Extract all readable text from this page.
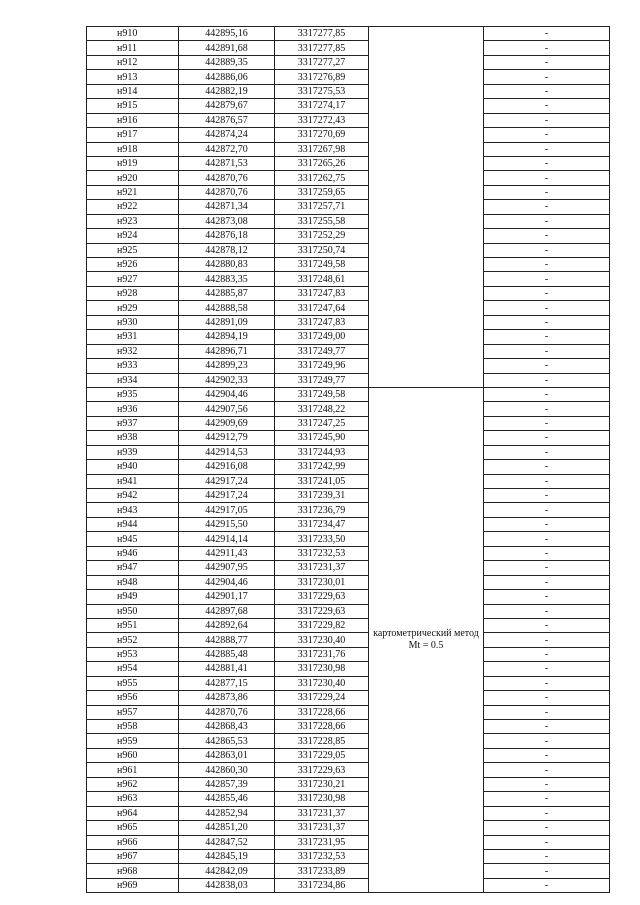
н910	442895,16	3317277,85		-
н911	442891,68	3317277,85		-
н912	442889,35	3317277,27		-
н913	442886,06	3317276,89		-
н914	442882,19	3317275,53		-
н915	442879,67	3317274,17		-
н916	442876,57	3317272,43		-
н917	442874,24	3317270,69		-
н918	442872,70	3317267,98		-
н919	442871,53	3317265,26		-
н920	442870,76	3317262,75		-
н921	442870,76	3317259,65		-
н922	442871,34	3317257,71		-
н923	442873,08	3317255,58		-
н924	442876,18	3317252,29		-
н925	442878,12	3317250,74		-
н926	442880,83	3317249,58		-
н927	442883,35	3317248,61		-
н928	442885,87	3317247,83		-
н929	442888,58	3317247,64		-
н930	442891,09	3317247,83		-
н931	442894,19	3317249,00		-
н932	442896,71	3317249,77		-
н933	442899,23	3317249,96		-
н934	442902,33	3317249,77		-
н935	442904,46	3317249,58	картометрический метод Mt = 0.5	-
н936	442907,56	3317248,22		-
н937	442909,69	3317247,25		-
н938	442912,79	3317245,90		-
н939	442914,53	3317244,93		-
н940	442916,08	3317242,99		-
н941	442917,24	3317241,05		-
н942	442917,24	3317239,31		-
н943	442917,05	3317236,79		-
н944	442915,50	3317234,47		-
н945	442914,14	3317233,50		-
н946	442911,43	3317232,53		-
н947	442907,95	3317231,37		-
н948	442904,46	3317230,01		-
н949	442901,17	3317229,63		-
н950	442897,68	3317229,63		-
н951	442892,64	3317229,82		-
н952	442888,77	3317230,40		-
н953	442885,48	3317231,76		-
н954	442881,41	3317230,98		-
н955	442877,15	3317230,40		-
н956	442873,86	3317229,24		-
н957	442870,76	3317228,66		-
н958	442868,43	3317228,66		-
н959	442865,53	3317228,85		-
н960	442863,01	3317229,05		-
н961	442860,30	3317229,63		-
н962	442857,39	3317230,21		-
н963	442855,46	3317230,98		-
н964	442852,94	3317231,37		-
н965	442851,20	3317231,37		-
н966	442847,52	3317231,95		-
н967	442845,19	3317232,53		-
н968	442842,09	3317233,89		-
н969	442838,03	3317234,86		-
